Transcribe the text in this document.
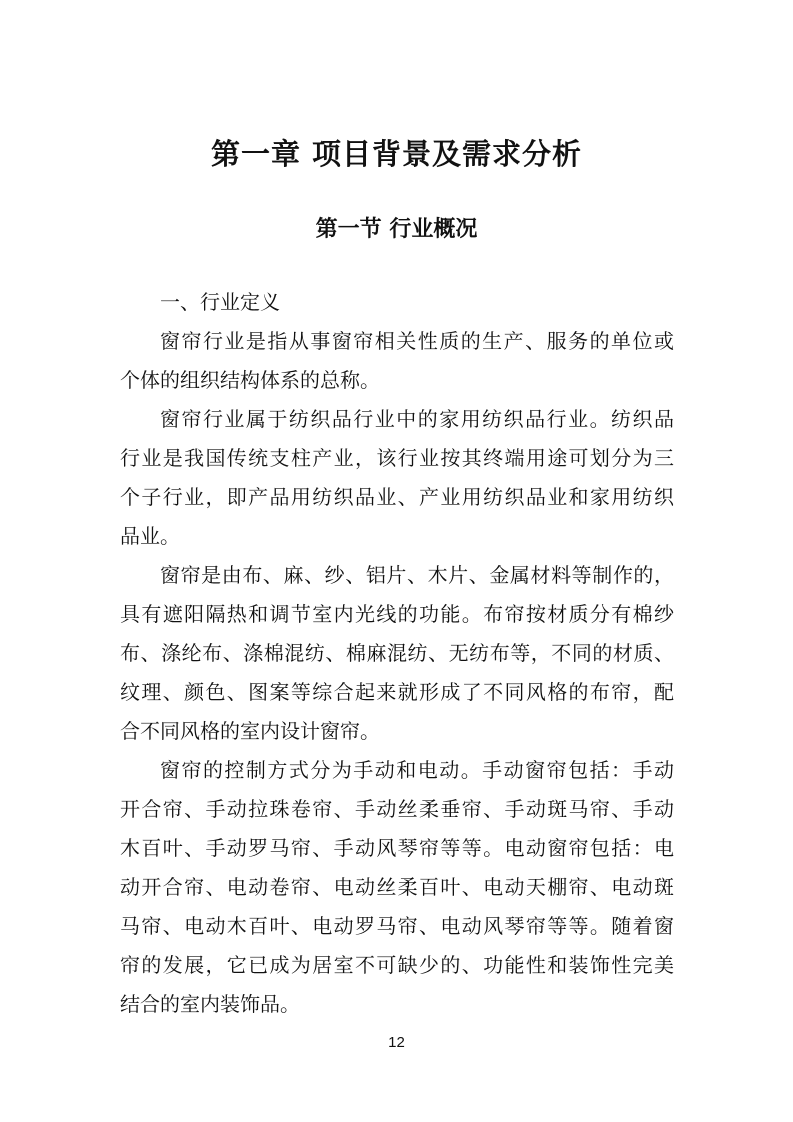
第一章 项目背景及需求分析
第一节 行业概况
一、行业定义
窗帘行业是指从事窗帘相关性质的生产、服务的单位或
个体的组织结构体系的总称。
窗帘行业属于纺织品行业中的家用纺织品行业。纺织品
行业是我国传统支柱产业，该行业按其终端用途可划分为三
个子行业，即产品用纺织品业、产业用纺织品业和家用纺织
品业。
窗帘是由布、麻、纱、铝片、木片、金属材料等制作的，
具有遮阳隔热和调节室内光线的功能。布帘按材质分有棉纱
布、涤纶布、涤棉混纺、棉麻混纺、无纺布等，不同的材质、
纹理、颜色、图案等综合起来就形成了不同风格的布帘，配
合不同风格的室内设计窗帘。
窗帘的控制方式分为手动和电动。手动窗帘包括：手动
开合帘、手动拉珠卷帘、手动丝柔垂帘、手动斑马帘、手动
木百叶、手动罗马帘、手动风琴帘等等。电动窗帘包括：电
动开合帘、电动卷帘、电动丝柔百叶、电动天棚帘、电动斑
马帘、电动木百叶、电动罗马帘、电动风琴帘等等。随着窗
帘的发展，它已成为居室不可缺少的、功能性和装饰性完美
结合的室内装饰品。
12
